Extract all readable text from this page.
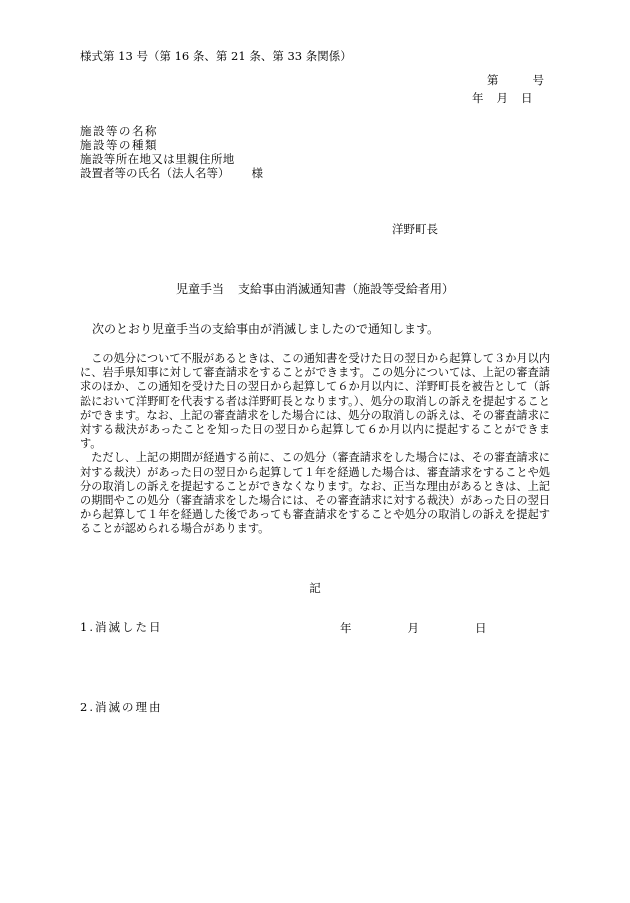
様式第 13 号（第 16 条、第 21 条、第 33 条関係）
第	号
年 月 日
施設等の名称
施設等の種類
施設等所在地又は里親住所地
設置者等の氏名（法人名等） 様
洋野町長
児童手当 支給事由消滅通知書（施設等受給者用）
次のとおり児童手当の支給事由が消滅しましたので通知します。

この処分について不服があるときは、この通知書を受けた日の翌日から起算して３か月以内に、岩手県知事に対して審査請求をすることができます。この処分については、上記の審査請求のほか、この通知を受けた日の翌日から起算して６か月以内に、洋野町長を被告として（訴訟において洋野町を代表する者は洋野町長となります。）、処分の取消しの訴えを提起することができます。なお、上記の審査請求をした場合には、処分の取消しの訴えは、その審査請求に対する裁決があったことを知った日の翌日から起算して６か月以内に提起することができます。

ただし、上記の期間が経過する前に、この処分（審査請求をした場合には、その審査請求に対する裁決）があった日の翌日から起算して１年を経過した場合は、審査請求をすることや処分の取消しの訴えを提起することができなくなります。なお、正当な理由があるときは、上記の期間やこの処分（審査請求をした場合には、その審査請求に対する裁決）があった日の翌日から起算して１年を経過した後であっても審査請求をすることや処分の取消しの訴えを提起することが認められる場合があります。

記
1.消滅した日	年	月	日
2.消滅の理由
